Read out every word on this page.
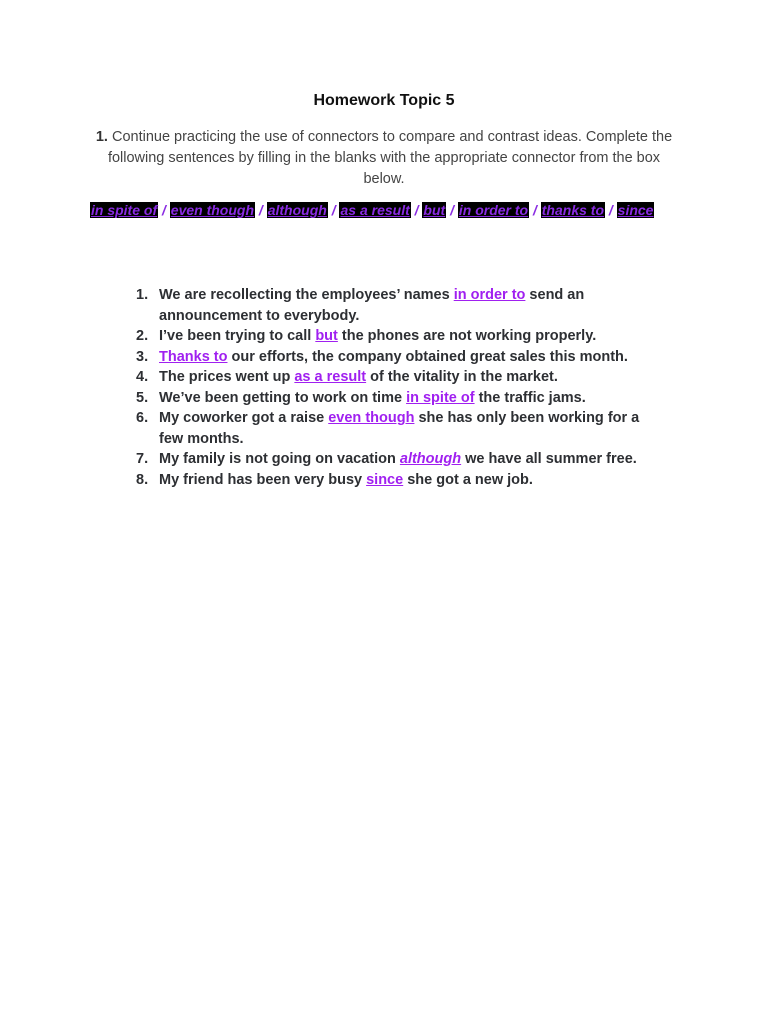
Homework Topic 5
1. Continue practicing the use of connectors to compare and contrast ideas. Complete the following sentences by filling in the blanks with the appropriate connector from the box below.
in spite of / even though / although / as a result / but / in order to / thanks to / since
1. We are recollecting the employees’ names in order to send an announcement to everybody.
2. I’ve been trying to call but the phones are not working properly.
3. Thanks to our efforts, the company obtained great sales this month.
4. The prices went up as a result of the vitality in the market.
5. We’ve been getting to work on time in spite of the traffic jams.
6. My coworker got a raise even though she has only been working for a few months.
7. My family is not going on vacation although we have all summer free.
8. My friend has been very busy since she got a new job.
